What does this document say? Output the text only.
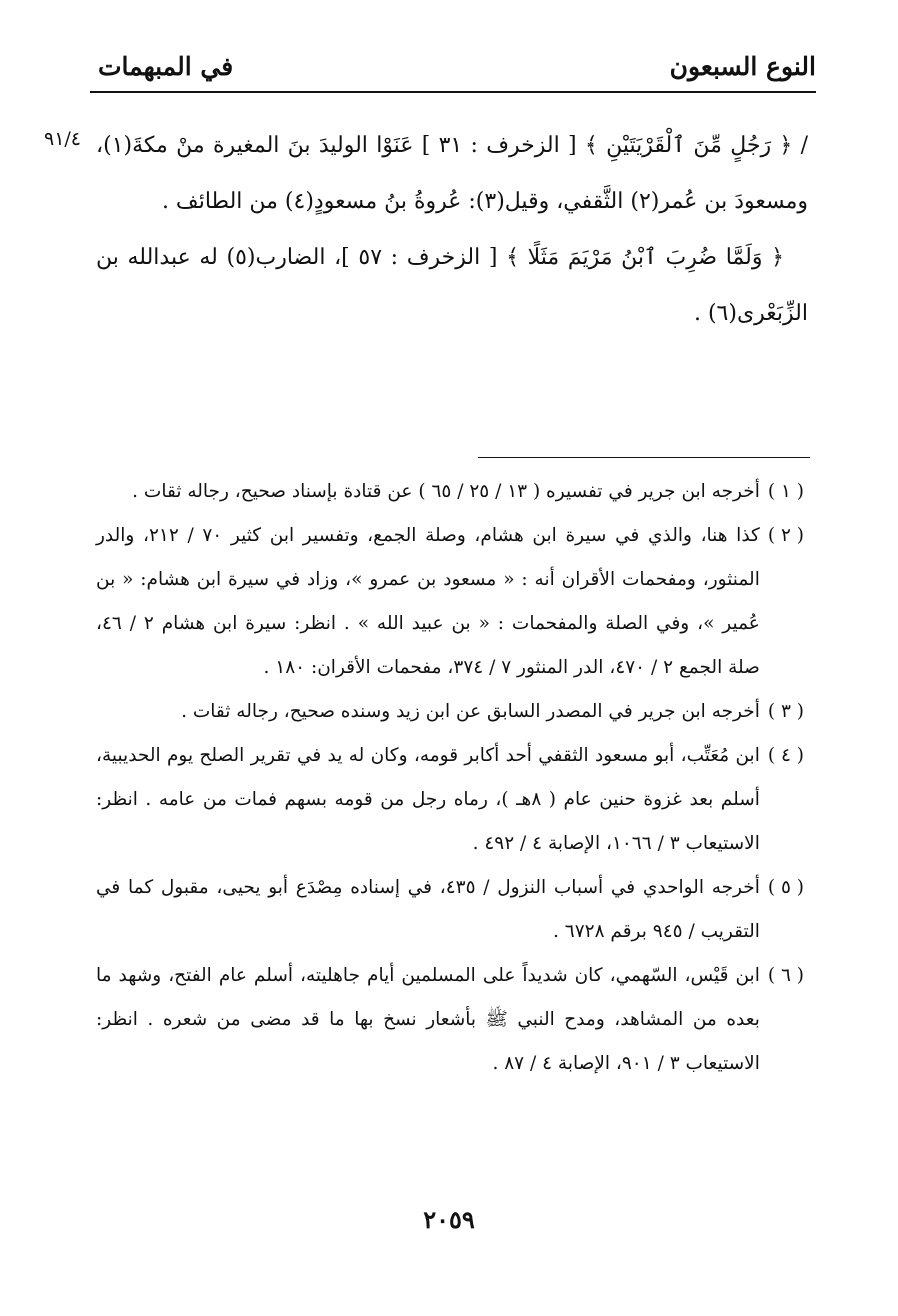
النوع السبعون
في المبهمات
٩١/٤	/ ﴿ رَجُلٍ مِّنَ ٱلْقَرْيَتَيْنِ ﴾ [ الزخرف : ٣١ ] عَنَوْا الوليدَ بنَ المغيرة منْ مكةَ(١)، ومسعودَ بن عُمر(٢) الثَّقفي، وقيل(٣): عُروةُ بنُ مسعودٍ(٤) من الطائف .

﴿ وَلَمَّا ضُرِبَ ٱبْنُ مَرْيَمَ مَثَلًا ﴾ [ الزخرف : ٥٧ ]، الضارب(٥) له عبدالله بن الزِّبَعْرى(٦) .

( ١ )
أخرجه ابن جرير في تفسيره ( ١٣ / ٢٥ / ٦٥ ) عن قتادة بإسناد صحيح، رجاله ثقات .
( ٢ )
كذا هنا، والذي في سيرة ابن هشام، وصلة الجمع، وتفسير ابن كثير ٧٠ / ٢١٢، والدر المنثور، ومفحمات الأقران أنه : « مسعود بن عمرو »، وزاد في سيرة ابن هشام: « بن عُمير »، وفي الصلة والمفحمات : « بن عبيد الله » . انظر: سيرة ابن هشام ٢ / ٤٦، صلة الجمع ٢ / ٤٧٠، الدر المنثور ٧ / ٣٧٤، مفحمات الأقران: ١٨٠ .
( ٣ )
أخرجه ابن جرير في المصدر السابق عن ابن زيد وسنده صحيح، رجاله ثقات .
( ٤ )
ابن مُعَتِّب، أبو مسعود الثقفي أحد أكابر قومه، وكان له يد في تقرير الصلح يوم الحديبية، أسلم بعد غزوة حنين عام ( ٨هـ )، رماه رجل من قومه بسهم فمات من عامه . انظر: الاستيعاب ٣ / ١٠٦٦، الإصابة ٤ / ٤٩٢ .
( ٥ )
أخرجه الواحدي في أسباب النزول / ٤٣٥، في إسناده مِصْدَع أبو يحيى، مقبول كما في التقريب / ٩٤٥ برقم ٦٧٢٨ .
( ٦ )
ابن قَيْس، السّهمي، كان شديداً على المسلمين أيام جاهليته، أسلم عام الفتح، وشهد ما بعده من المشاهد، ومدح النبي ﷺ بأشعار نسخ بها ما قد مضى من شعره . انظر: الاستيعاب ٣ / ٩٠١، الإصابة ٤ / ٨٧ .
٢٠٥٩
